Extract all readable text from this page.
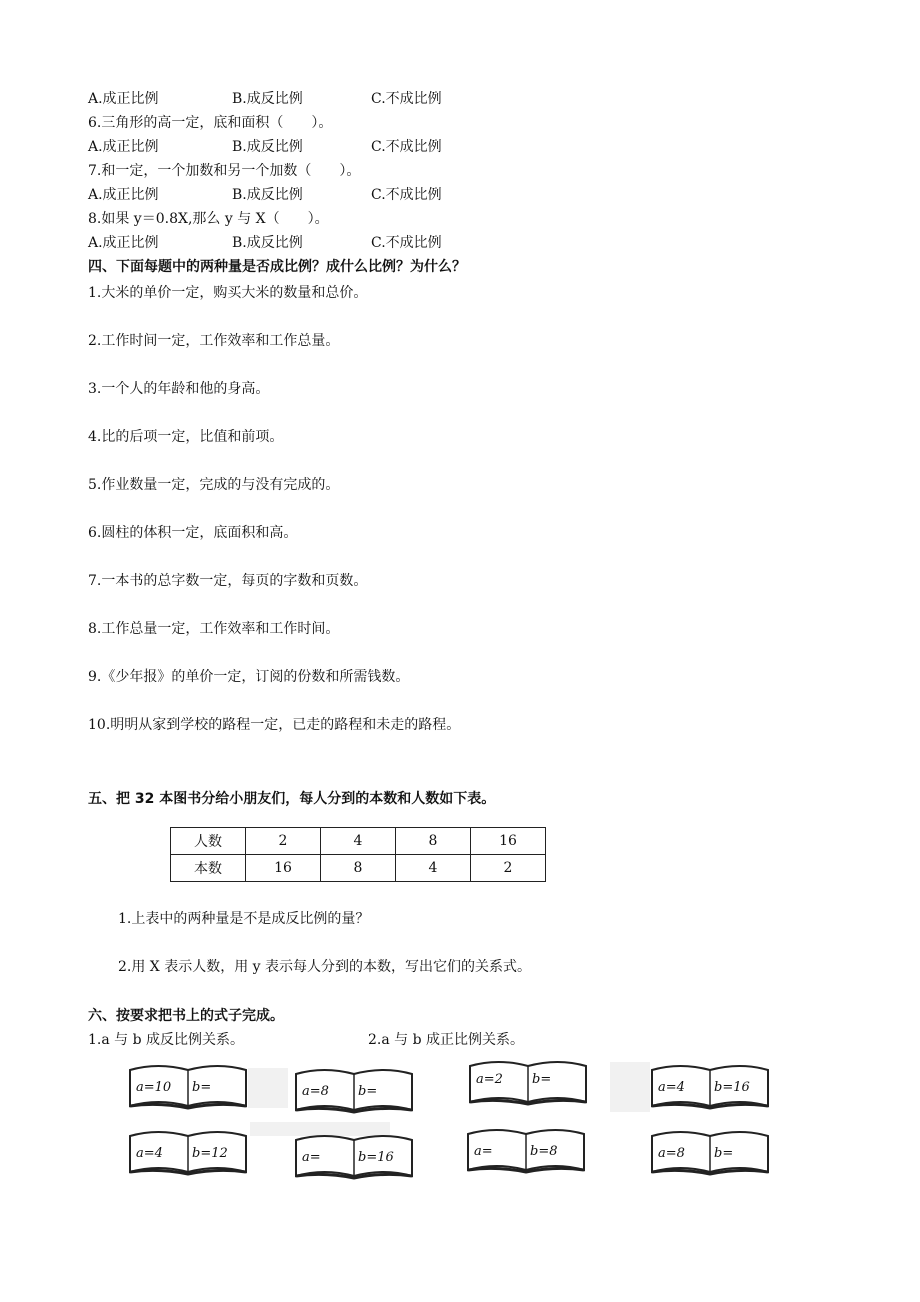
A.成正比例	B.成反比例	C.不成比例
6.三角形的高一定，底和面积（　　）。
A.成正比例	B.成反比例	C.不成比例
7.和一定，一个加数和另一个加数（　　）。
A.成正比例	B.成反比例	C.不成比例
8.如果 y＝0.8X,那么 y 与 X（　　）。
A.成正比例	B.成反比例	C.不成比例
四、下面每题中的两种量是否成比例？成什么比例？为什么？
1.大米的单价一定，购买大米的数量和总价。
2.工作时间一定，工作效率和工作总量。
3.一个人的年龄和他的身高。
4.比的后项一定，比值和前项。
5.作业数量一定，完成的与没有完成的。
6.圆柱的体积一定，底面积和高。
7.一本书的总字数一定，每页的字数和页数。
8.工作总量一定，工作效率和工作时间。
9.《少年报》的单价一定，订阅的份数和所需钱数。
10.明明从家到学校的路程一定，已走的路程和未走的路程。
五、把 32 本图书分给小朋友们，每人分到的本数和人数如下表。
人数	2	4	8	16
本数	16	8	4	2
1.上表中的两种量是不是成反比例的量？
2.用 X 表示人数，用 y 表示每人分到的本数，写出它们的关系式。
六、按要求把书上的式子完成。
1.a 与 b 成反比例关系。	2.a 与 b 成正比例关系。
a=10 b=	a=8 b=
a=2 b=
a=4 b=16
a=4 b=12	a=	b=16	a=	b=8	a=8 b=
